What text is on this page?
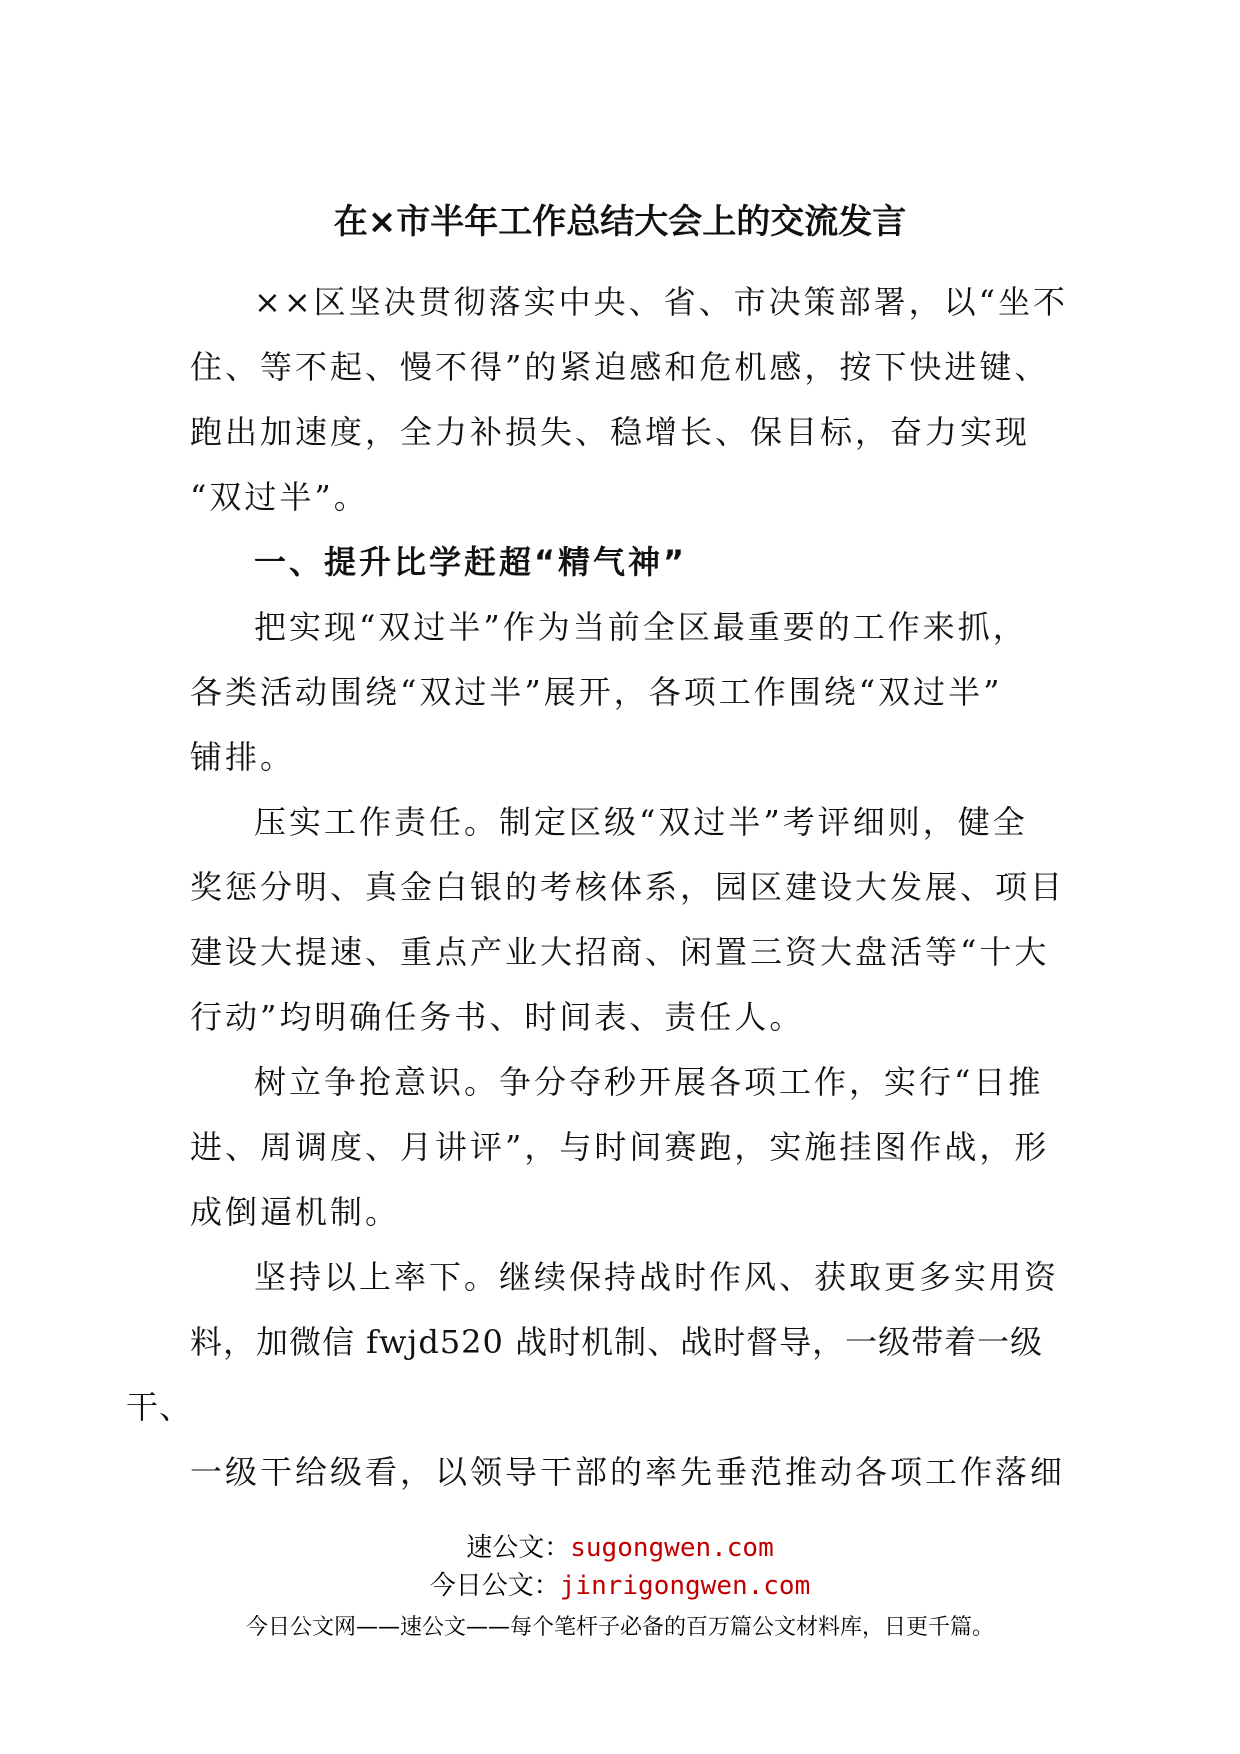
在×市半年工作总结大会上的交流发言

××区坚决贯彻落实中央、省、市决策部署，以“坐不
住、等不起、慢不得”的紧迫感和危机感，按下快进键、
跑出加速度，全力补损失、稳增长、保目标，奋力实现
“双过半”。

一、提升比学赶超“精气神”

把实现“双过半”作为当前全区最重要的工作来抓，
各类活动围绕“双过半”展开，各项工作围绕“双过半”
铺排。

压实工作责任。制定区级“双过半”考评细则，健全
奖惩分明、真金白银的考核体系，园区建设大发展、项目
建设大提速、重点产业大招商、闲置三资大盘活等“十大
行动”均明确任务书、时间表、责任人。

树立争抢意识。争分夺秒开展各项工作，实行“日推
进、周调度、月讲评”，与时间赛跑，实施挂图作战，形
成倒逼机制。

坚持以上率下。继续保持战时作风、获取更多实用资
料，加微信 fwjd520 战时机制、战时督导，一级带着一级干、
一级干给级看，以领导干部的率先垂范推动各项工作落细

速公文：sugongwen.com
今日公文：jinrigongwen.com
今日公文网——速公文——每个笔杆子必备的百万篇公文材料库，日更千篇。
